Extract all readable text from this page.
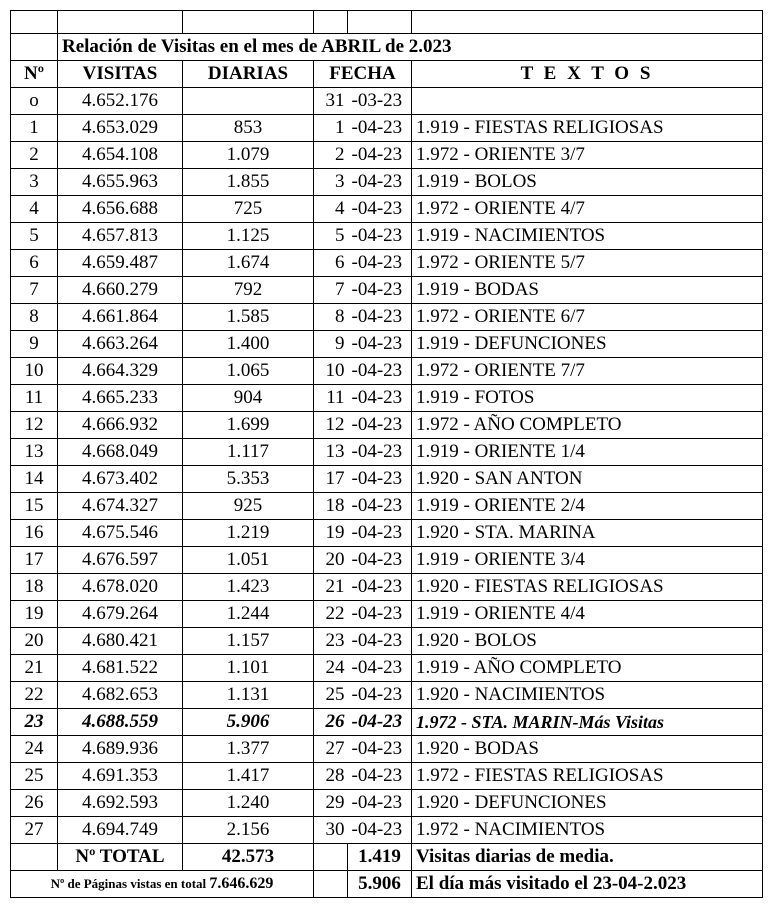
	Relación de Visitas en el mes de ABRIL de 2.023				
Nº	VISITAS	DIARIAS	FECHA		T E X T O S
o	4.652.176		31	-03-23	
1	4.653.029	853	1	-04-23	1.919 - FIESTAS RELIGIOSAS
2	4.654.108	1.079	2	-04-23	1.972 - ORIENTE 3/7
3	4.655.963	1.855	3	-04-23	1.919 - BOLOS
4	4.656.688	725	4	-04-23	1.972 - ORIENTE 4/7
5	4.657.813	1.125	5	-04-23	1.919 - NACIMIENTOS
6	4.659.487	1.674	6	-04-23	1.972 - ORIENTE 5/7
7	4.660.279	792	7	-04-23	1.919 - BODAS
8	4.661.864	1.585	8	-04-23	1.972 - ORIENTE 6/7
9	4.663.264	1.400	9	-04-23	1.919 - DEFUNCIONES
10	4.664.329	1.065	10	-04-23	1.972 - ORIENTE 7/7
11	4.665.233	904	11	-04-23	1.919 - FOTOS
12	4.666.932	1.699	12	-04-23	1.972 - AÑO COMPLETO
13	4.668.049	1.117	13	-04-23	1.919 - ORIENTE 1/4
14	4.673.402	5.353	17	-04-23	1.920 - SAN ANTON
15	4.674.327	925	18	-04-23	1.919 - ORIENTE 2/4
16	4.675.546	1.219	19	-04-23	1.920 - STA. MARINA
17	4.676.597	1.051	20	-04-23	1.919 - ORIENTE 3/4
18	4.678.020	1.423	21	-04-23	1.920 - FIESTAS RELIGIOSAS
19	4.679.264	1.244	22	-04-23	1.919 - ORIENTE 4/4
20	4.680.421	1.157	23	-04-23	1.920 - BOLOS
21	4.681.522	1.101	24	-04-23	1.919 - AÑO COMPLETO
22	4.682.653	1.131	25	-04-23	1.920 - NACIMIENTOS
23	4.688.559	5.906	26	-04-23	1.972 - STA. MARIN-Más Visitas
24	4.689.936	1.377	27	-04-23	1.920 - BODAS
25	4.691.353	1.417	28	-04-23	1.972 - FIESTAS RELIGIOSAS
26	4.692.593	1.240	29	-04-23	1.920 - DEFUNCIONES
27	4.694.749	2.156	30	-04-23	1.972 - NACIMIENTOS
	Nº TOTAL	42.573		1.419	Visitas diarias de media.
Nº de Páginas vistas en total 7.646.629				5.906	El día más visitado el 23-04-2.023
